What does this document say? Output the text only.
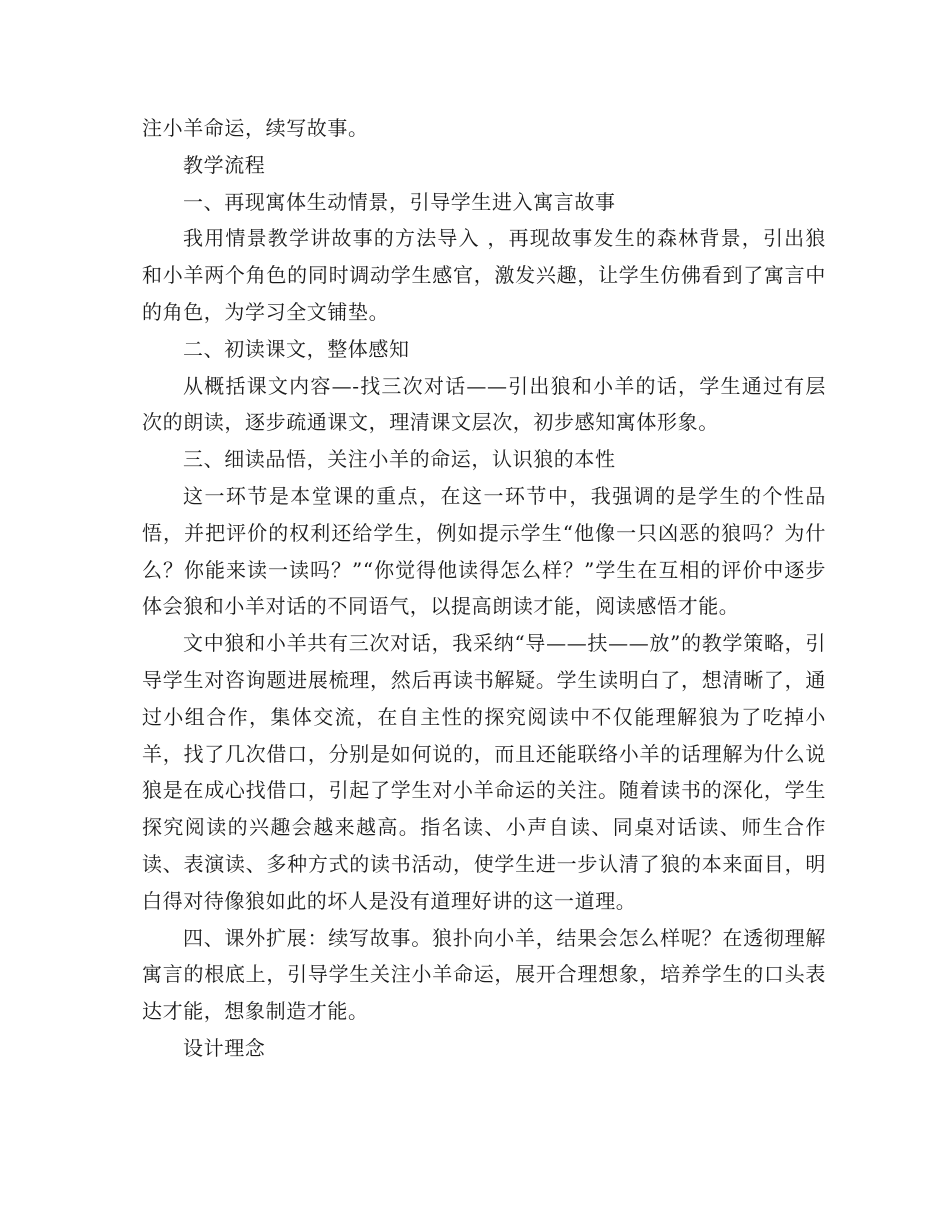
注小羊命运，续写故事。

教学流程

一、再现寓体生动情景，引导学生进入寓言故事

我用情景教学讲故事的方法导入 ，再现故事发生的森林背景，引出狼和小羊两个角色的同时调动学生感官，激发兴趣，让学生仿佛看到了寓言中的角色，为学习全文铺垫。

二、初读课文，整体感知

从概括课文内容—-找三次对话——引出狼和小羊的话，学生通过有层次的朗读，逐步疏通课文，理清课文层次，初步感知寓体形象。

三、细读品悟，关注小羊的命运，认识狼的本性

这一环节是本堂课的重点，在这一环节中，我强调的是学生的个性品悟，并把评价的权利还给学生，例如提示学生“他像一只凶恶的狼吗？为什么？你能来读一读吗？”“你觉得他读得怎么样？”学生在互相的评价中逐步体会狼和小羊对话的不同语气，以提高朗读才能，阅读感悟才能。

文中狼和小羊共有三次对话，我采纳“导——扶——放”的教学策略，引导学生对咨询题进展梳理，然后再读书解疑。学生读明白了，想清晰了，通过小组合作，集体交流，在自主性的探究阅读中不仅能理解狼为了吃掉小羊，找了几次借口，分别是如何说的，而且还能联络小羊的话理解为什么说狼是在成心找借口，引起了学生对小羊命运的关注。随着读书的深化，学生探究阅读的兴趣会越来越高。指名读、小声自读、同桌对话读、师生合作读、表演读、多种方式的读书活动，使学生进一步认清了狼的本来面目，明白得对待像狼如此的坏人是没有道理好讲的这一道理。

四、课外扩展：续写故事。狼扑向小羊，结果会怎么样呢？在透彻理解寓言的根底上，引导学生关注小羊命运，展开合理想象，培养学生的口头表达才能，想象制造才能。

设计理念
